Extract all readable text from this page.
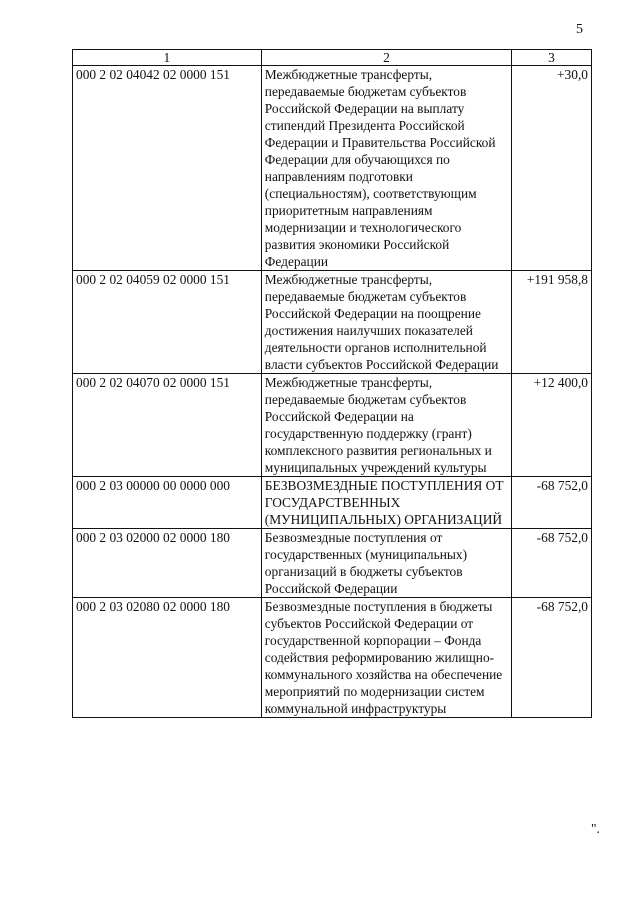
5
1	2	3
000 2 02 04042 02 0000 151	Межбюджетные трансферты, передаваемые бюджетам субъектов Российской Федерации на выплату стипендий Президента Российской Федерации и Правительства Российской Федерации для обучающихся по направлениям подготовки (специальностям), соответствующим приоритетным направлениям модернизации и технологического развития экономики Российской Федерации	+30,0
000 2 02 04059 02 0000 151	Межбюджетные трансферты, передаваемые бюджетам субъектов Российской Федерации на поощрение достижения наилучших показателей деятельности органов исполнительной власти субъектов Российской Федерации	+191 958,8
000 2 02 04070 02 0000 151	Межбюджетные трансферты, передаваемые бюджетам субъектов Российской Федерации на государственную поддержку (грант) комплексного развития региональных и муниципальных учреждений культуры	+12 400,0
000 2 03 00000 00 0000 000	БЕЗВОЗМЕЗДНЫЕ ПОСТУПЛЕНИЯ ОТ ГОСУДАРСТВЕННЫХ (МУНИЦИПАЛЬНЫХ) ОРГАНИЗАЦИЙ	-68 752,0
000 2 03 02000 02 0000 180	Безвозмездные поступления от государственных (муниципальных) организаций в бюджеты субъектов Российской Федерации	-68 752,0
000 2 03 02080 02 0000 180	Безвозмездные поступления в бюджеты субъектов Российской Федерации от государственной корпорации – Фонда содействия реформированию жилищно-коммунального хозяйства на обеспечение мероприятий по модернизации систем коммунальной инфраструктуры	-68 752,0
".
